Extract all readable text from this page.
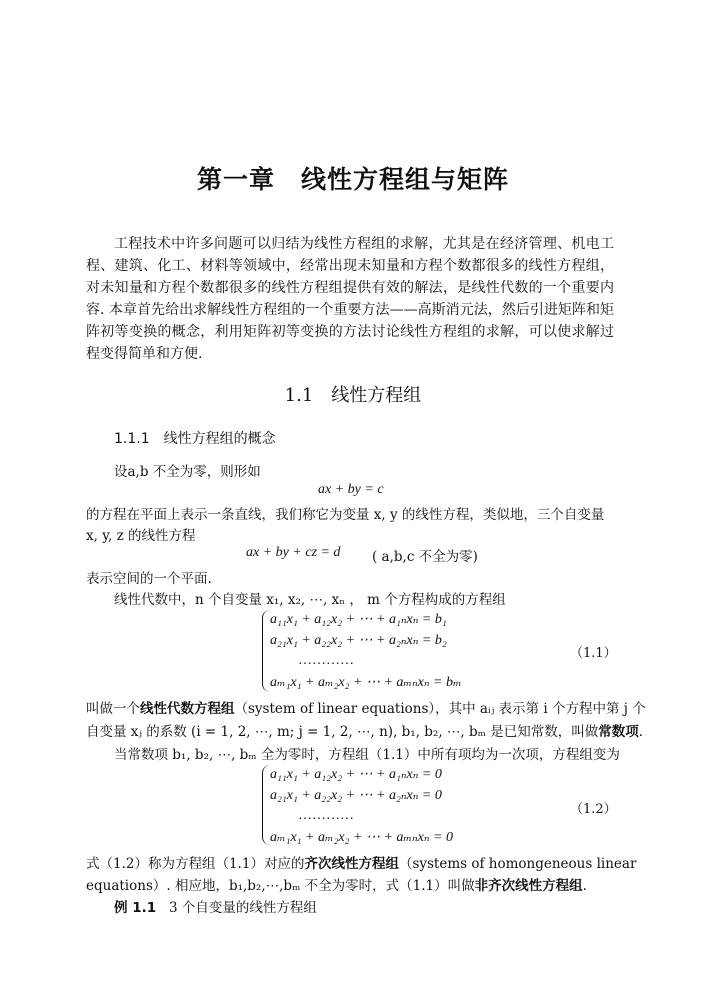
第一章　线性方程组与矩阵
工程技术中许多问题可以归结为线性方程组的求解，尤其是在经济管理、机电工程、建筑、化工、材料等领域中，经常出现未知量和方程个数都很多的线性方程组，对未知量和方程个数都很多的线性方程组提供有效的解法，是线性代数的一个重要内容. 本章首先给出求解线性方程组的一个重要方法——高斯消元法，然后引进矩阵和矩阵初等变换的概念，利用矩阵初等变换的方法讨论线性方程组的求解，可以使求解过程变得简单和方便.
1.1　线性方程组
1.1.1　线性方程组的概念
设a,b 不全为零，则形如
ax + by = c
的方程在平面上表示一条直线，我们称它为变量 x, y 的线性方程，类似地，三个自变量
x, y, z 的线性方程
ax + by + cz = d ( a,b,c 不全为零)
表示空间的一个平面.
线性代数中，n 个自变量 x₁, x₂, ⋯, xₙ ， m 个方程构成的方程组
a₁₁x₁ + a₁₂x₂ + ⋯ + a₁ₙxₙ = b₁
a₂₁x₁ + a₂₂x₂ + ⋯ + a₂ₙxₙ = b₂
…………
aₘ₁x₁ + aₘ₂x₂ + ⋯ + aₘₙxₙ = bₘ
（1.1）
叫做一个线性代数方程组（system of linear equations），其中 aᵢⱼ 表示第 i 个方程中第 j 个
自变量 xⱼ 的系数 (i = 1, 2, ⋯, m; j = 1, 2, ⋯, n), b₁, b₂, ⋯, bₘ 是已知常数，叫做常数项.
当常数项 b₁, b₂, ⋯, bₘ 全为零时，方程组（1.1）中所有项均为一次项，方程组变为
a₁₁x₁ + a₁₂x₂ + ⋯ + a₁ₙxₙ = 0
a₂₁x₁ + a₂₂x₂ + ⋯ + a₂ₙxₙ = 0
…………
aₘ₁x₁ + aₘ₂x₂ + ⋯ + aₘₙxₙ = 0
（1.2）
式（1.2）称为方程组（1.1）对应的齐次线性方程组（systems of homongeneous linear
equations）. 相应地，b₁,b₂,⋯,bₘ 不全为零时，式（1.1）叫做非齐次线性方程组.
例 1.1 3 个自变量的线性方程组
